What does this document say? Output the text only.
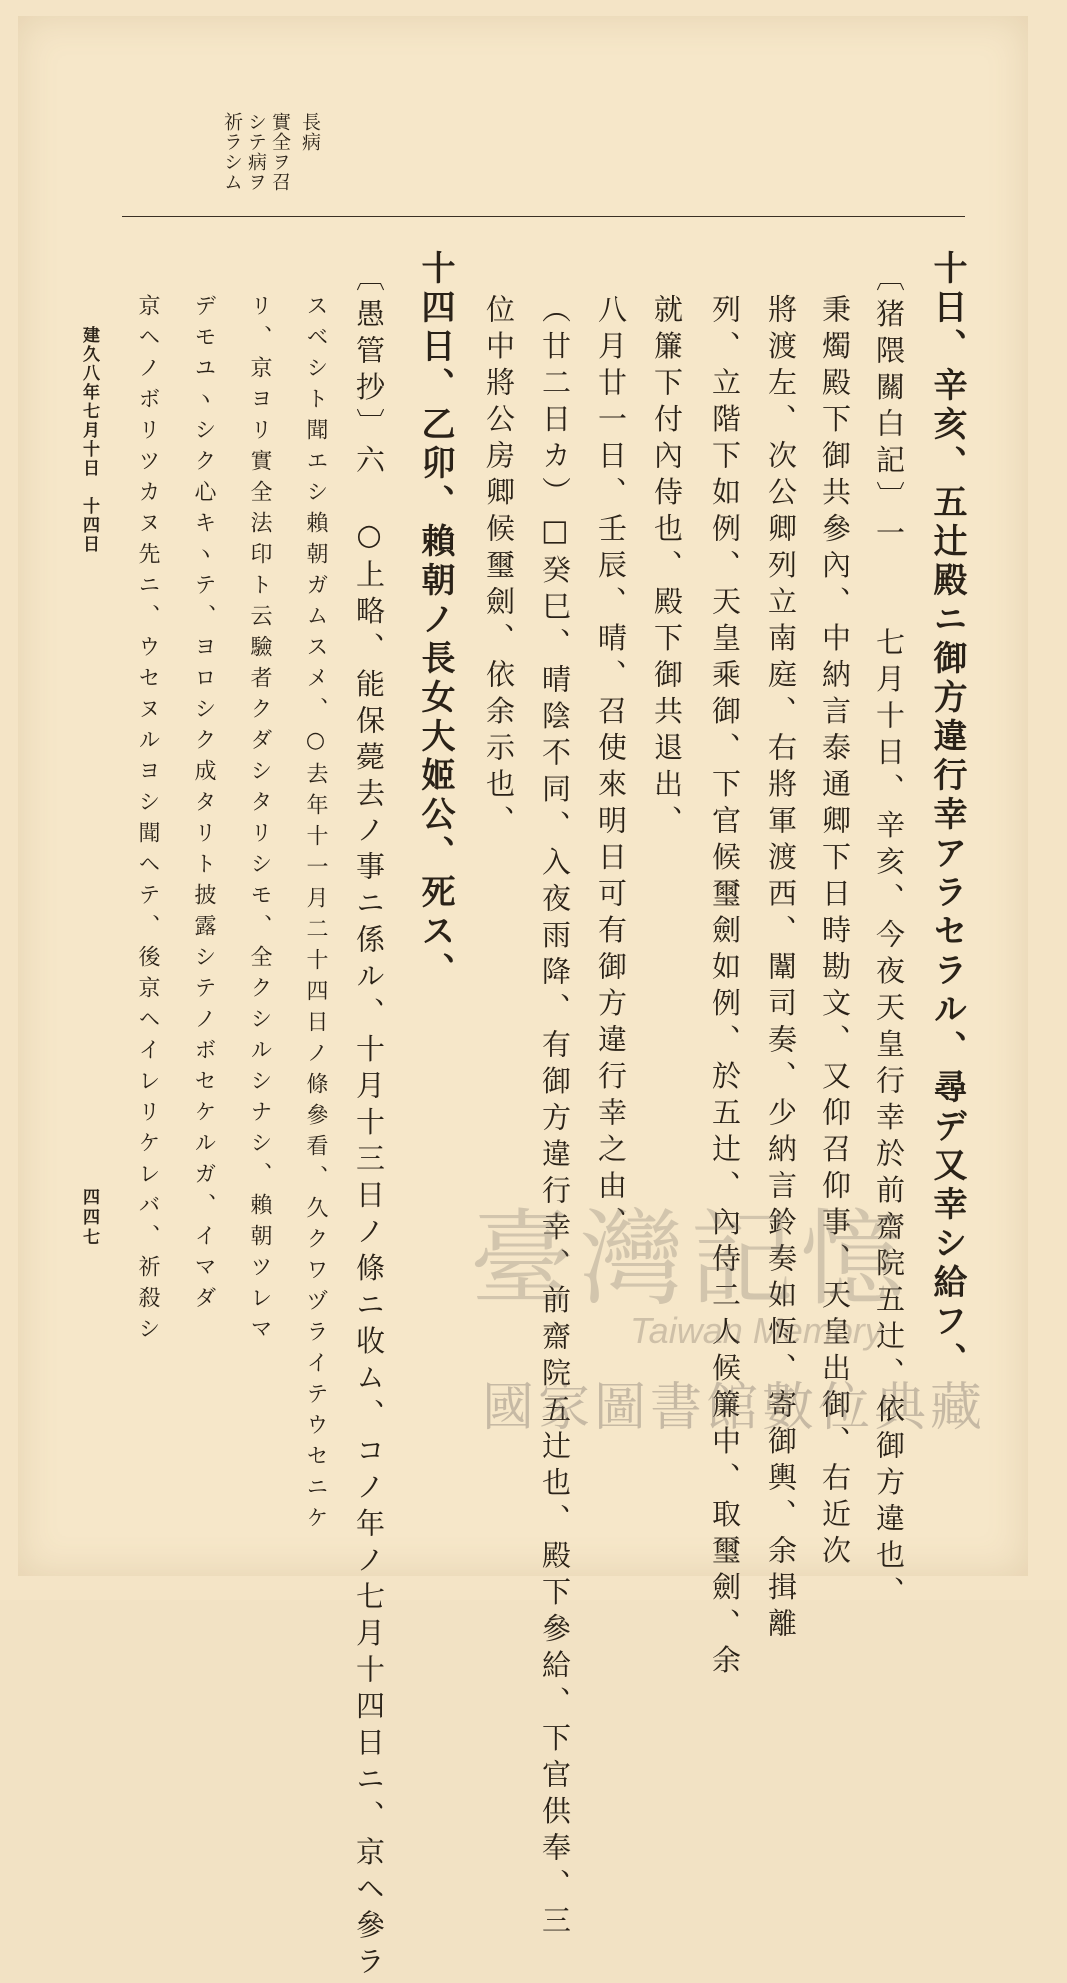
長病
實全ヲ召
シテ病ヲ
祈ラシム
十日、辛亥、五辻殿ニ御方違行幸アラセラル、尋デ又幸シ給フ、
〔猪隈關白記〕一　　七月十日、辛亥、今夜天皇行幸於前齋院五辻、依御方違也、
秉燭殿下御共參內、中納言泰通卿下日時勘文、又仰召仰事、天皇出御、右近次
將渡左、次公卿列立南庭、右將軍渡西、闈司奏、少納言鈴奏如恆、寄御輿、余揖離
列、立階下如例、天皇乘御、下官候璽劍如例、於五辻、內侍二人候簾中、取璽劍、余
就簾下付內侍也、殿下御共退出、
八月廿一日、壬辰、晴、召使來明日可有御方違行幸之由、
（廿二日カ）□癸巳、晴陰不同、入夜雨降、有御方違行幸、前齋院五辻也、殿下參給、下官供奉、三
位中將公房卿候璽劍、依余示也、
十四日、乙卯、賴朝ノ長女大姬公、死ス、
〔愚管抄〕六　○上略、能保薨去ノ事ニ係ル、十月十三日ノ條ニ收ム、コノ年ノ七月十四日ニ、京ヘ參ラ
スベシト聞エシ賴朝ガムスメ、○去年十一月二十四日ノ條參看、久クワヅライテウセニケ
リ、京ヨリ實全法印ト云驗者クダシタリシモ、全クシルシナシ、賴朝ツレマ
デモユヽシク心キヽテ、ヨロシク成タリト披露シテノボセケルガ、イマダ
京ヘノボリツカヌ先ニ、ウセヌルヨシ聞ヘテ、後京ヘイレリケレバ、祈殺シ
建久八年七月十日　十四日
四四七	臺灣記憶
Taiwan Memory
國家圖書館數位典藏
